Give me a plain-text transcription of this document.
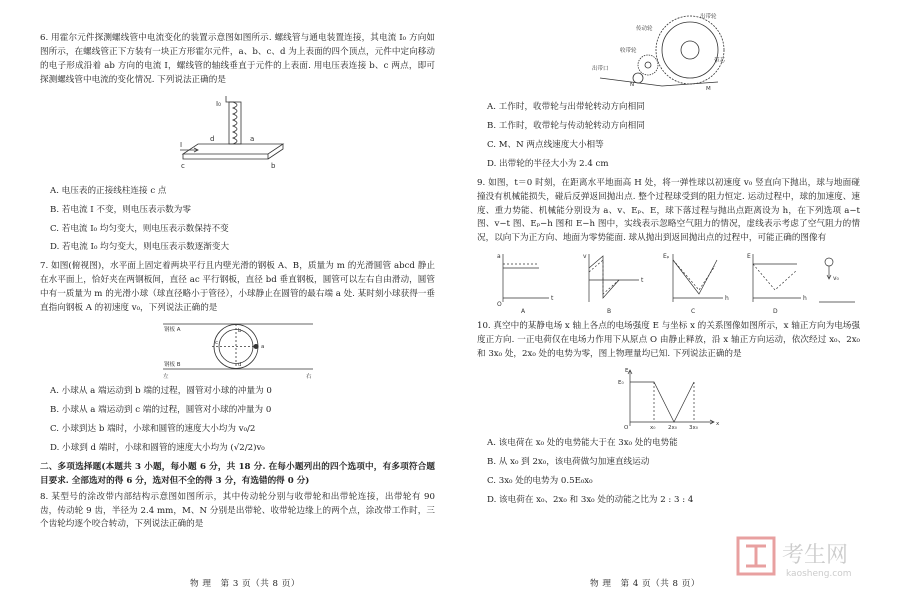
6. 用霍尔元件探测螺线管中电流变化的装置示意图如图所示. 螺线管与通电装置连接，其电流 I₀ 方向如图所示，在螺线管正下方装有一块正方形霍尔元件，a、b、c、d 为上表面的四个顶点，元件中定向移动的电子形成沿着 ab 方向的电流 I，螺线管的轴线垂直于元件的上表面. 用电压表连接 b、c 两点，即可探测螺线管中电流的变化情况. 下列说法正确的是

I₀
I
a
b
c
d

A. 电压表的正接线柱连接 c 点

B. 若电流 I 不变，则电压表示数为零

C. 若电流 I₀ 均匀变大，则电压表示数保持不变

D. 若电流 I₀ 均匀变大，则电压表示数逐渐变大

7. 如图(俯视图)，水平面上固定着两块平行且内壁光滑的钢板 A、B，质量为 m 的光滑圆管 abcd 静止在水平面上，恰好夹在两钢板间，直径 ac 平行钢板，直径 bd 垂直钢板，圆管可以左右自由滑动，圆管中有一质量为 m 的光滑小球（球直径略小于管径），小球静止在圆管的最右端 a 处. 某时刻小球获得一垂直指向钢板 A 的初速度 v₀，下列说法正确的是

钢板 A
钢板 B
左	右
a
b
c
d

A. 小球从 a 端运动到 b 端的过程，圆管对小球的冲量为 0

B. 小球从 a 端运动到 c 端的过程，圆管对小球的冲量为 0

C. 小球到达 b 端时，小球和圆管的速度大小均为 v₀/2

D. 小球到 d 端时，小球和圆管的速度大小均为 (√2/2)v₀

二、多项选择题(本题共 3 小题，每小题 6 分，共 18 分. 在每小题列出的四个选项中，有多项符合题目要求. 全部选对的得 6 分，选对但不全的得 3 分，有选错的得 0 分)

8. 某型号的涂改带内部结构示意图如图所示，其中传动轮分别与收带轮和出带轮连接，出带轮有 90 齿，传动轮 9 齿，半径为 2.4 mm，M、N 分别是出带轮、收带轮边缘上的两个点，涂改带工作时，三个齿轮均逐个咬合转动，下列说法正确的是

物 理　第 3 页（共 8 页）
传动轮
出带轮
收带轮
出带口
带芯
M
N

A. 工作时，收带轮与出带轮转动方向相同

B. 工作时，收带轮与传动轮转动方向相同

C. M、N 两点线速度大小相等

D. 出带轮的半径大小为 2.4 cm

9. 如图，t＝0 时刻，在距离水平地面高 H 处，将一弹性球以初速度 v₀ 竖直向下抛出，球与地面碰撞没有机械能损失，碰后反弹返回抛出点. 整个过程球受到的阻力恒定. 运动过程中，球的加速度、速度、重力势能、机械能分别设为 a、v、Eₚ、E，球下落过程与抛出点距离设为 h，在下列选项 a−t 图、v−t 图、Eₚ−h 图和 E−h 图中，实线表示忽略空气阻力的情况，虚线表示考虑了空气阻力的情况，以向下为正方向、地面为零势能面. 球从抛出到返回抛出点的过程中，可能正确的图像有

A	B	C	D
a
t
v
t
Eₚ
h
E
h
O
v₀

10. 真空中的某静电场 x 轴上各点的电场强度 E 与坐标 x 的关系图像如图所示，x 轴正方向为电场强度正方向. 一正电荷仅在电场力作用下从原点 O 由静止释放，沿 x 轴正方向运动，依次经过 x₀、2x₀ 和 3x₀ 处，2x₀ 处的电势为零，图上物理量均已知. 下列说法正确的是

E
x
E₀
O	x₀ 2x₀ 3x₀

A. 该电荷在 x₀ 处的电势能大于在 3x₀ 处的电势能

B. 从 x₀ 到 2x₀，该电荷做匀加速直线运动

C. 3x₀ 处的电势为 0.5E₀x₀

D. 该电荷在 x₀、2x₀ 和 3x₀ 处的动能之比为 2 : 3 : 4

物 理　第 4 页（共 8 页）
考生网
kaosheng.com
